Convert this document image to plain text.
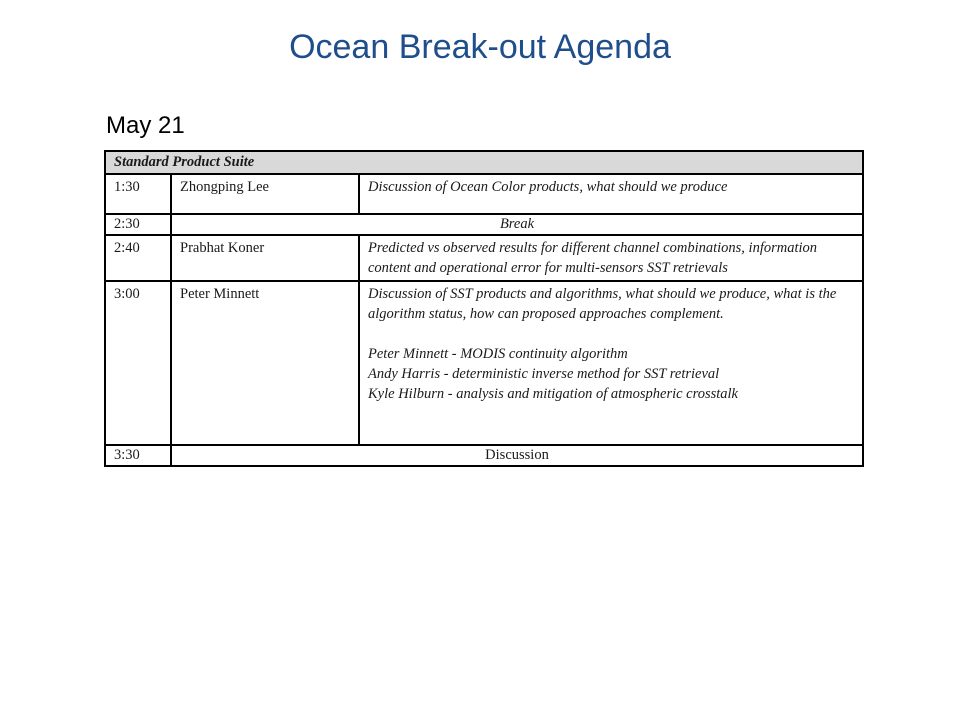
Ocean Break-out Agenda
May 21
Standard Product Suite		
1:30	Zhongping Lee	Discussion of Ocean Color products, what should we produce
2:30	Break	
2:40	Prabhat Koner	Predicted vs observed results for different channel combinations, information content and operational error for multi-sensors SST retrievals
3:00	Peter Minnett	Discussion of SST products and algorithms, what should we produce, what is the algorithm status, how can proposed approaches complement.
Peter Minnett - MODIS continuity algorithm
Andy Harris - deterministic inverse method for SST retrieval
Kyle Hilburn - analysis and mitigation of atmospheric crosstalk

3:30	Discussion	
